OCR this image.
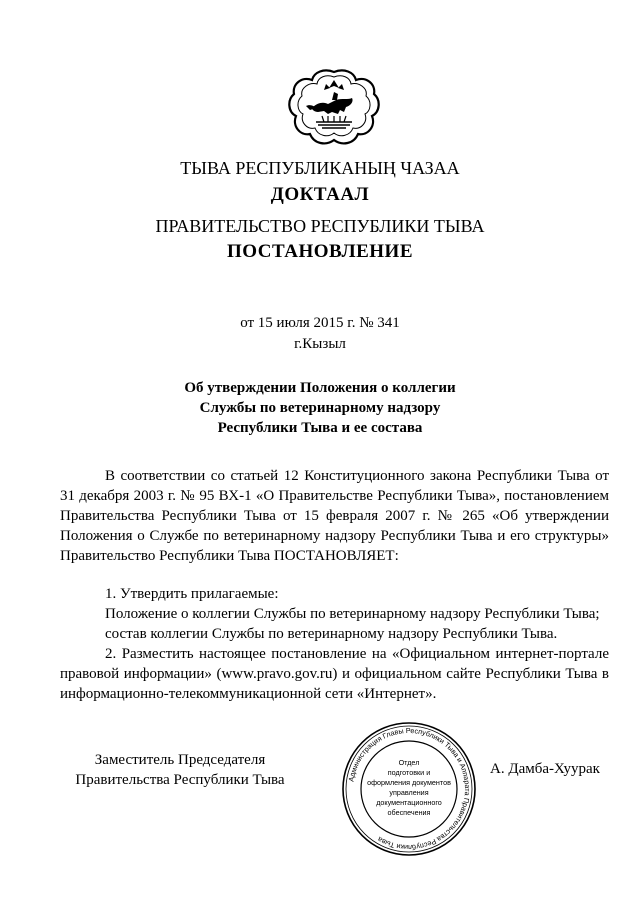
ТЫВА РЕСПУБЛИКАНЫҢ ЧАЗАА
ДОКТААЛ
ПРАВИТЕЛЬСТВО РЕСПУБЛИКИ ТЫВА
ПОСТАНОВЛЕНИЕ
от 15 июля 2015 г. № 341
г.Кызыл
Об утверждении Положения о коллегии
Службы по ветеринарному надзору
Республики Тыва и ее состава
В соответствии со статьей 12 Конституционного закона Республики Тыва от 31 декабря 2003 г. № 95 ВХ-1 «О Правительстве Республики Тыва», постановлением Правительства Республики Тыва от 15 февраля 2007 г. № 265 «Об утверждении Положения о Службе по ветеринарному надзору Республики Тыва и его структуры» Правительство Республики Тыва ПОСТАНОВЛЯЕТ:
1. Утвердить прилагаемые:
Положение о коллегии Службы по ветеринарному надзору Республики Тыва;
состав коллегии Службы по ветеринарному надзору Республики Тыва.
2. Разместить настоящее постановление на «Официальном интернет-портале правовой информации» (www.pravo.gov.ru) и официальном сайте Республики Тыва в информационно-телекоммуникационной сети «Интернет».
Заместитель Председателя
Правительства Республики Тыва	Администрация Главы Республики Тыва и Аппарата Правительства Республики Тыва
Отдел
подготовки и
оформления документов
управления
документационного
обеспечения
А. Дамба-Хуурак
